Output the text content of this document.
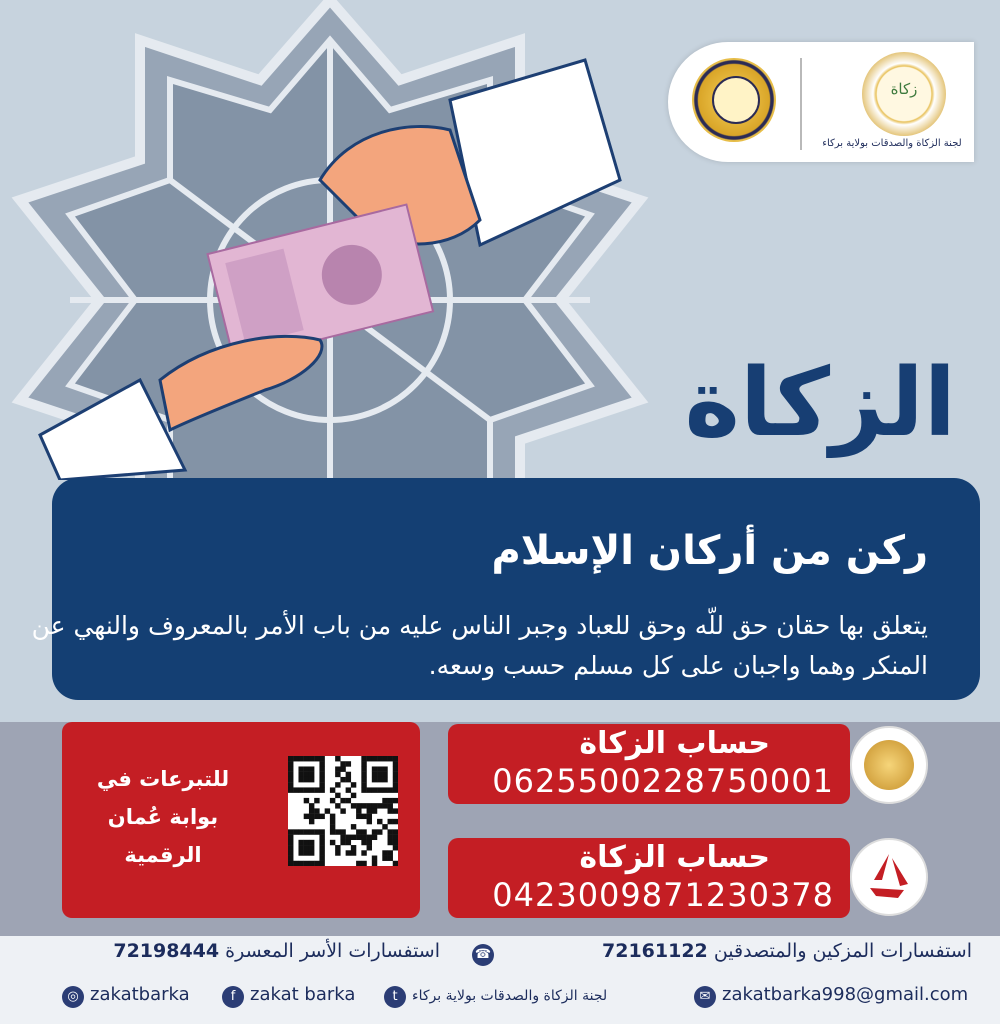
زكاة
لجنة الزكاة والصدقات بولاية بركاء
الزكاة
ركن من أركان الإسلام
يتعلق بها حقان حق للّه وحق للعباد وجبر الناس عليه من باب الأمر بالمعروف والنهي عن المنكر وهما واجبان على كل مسلم حسب وسعه.
حساب الزكاة
0625500228750001
حساب الزكاة
0423009871230378
للتبرعات في
بوابة عُمان
الرقمية
استفسارات المزكين والمتصدقين 72161122
☎
استفسارات الأسر المعسرة 72198444
✉ zakatbarka998@gmail.com
t	لجنة الزكاة والصدقات بولاية بركاء
f zakat barka
◎ zakatbarka
